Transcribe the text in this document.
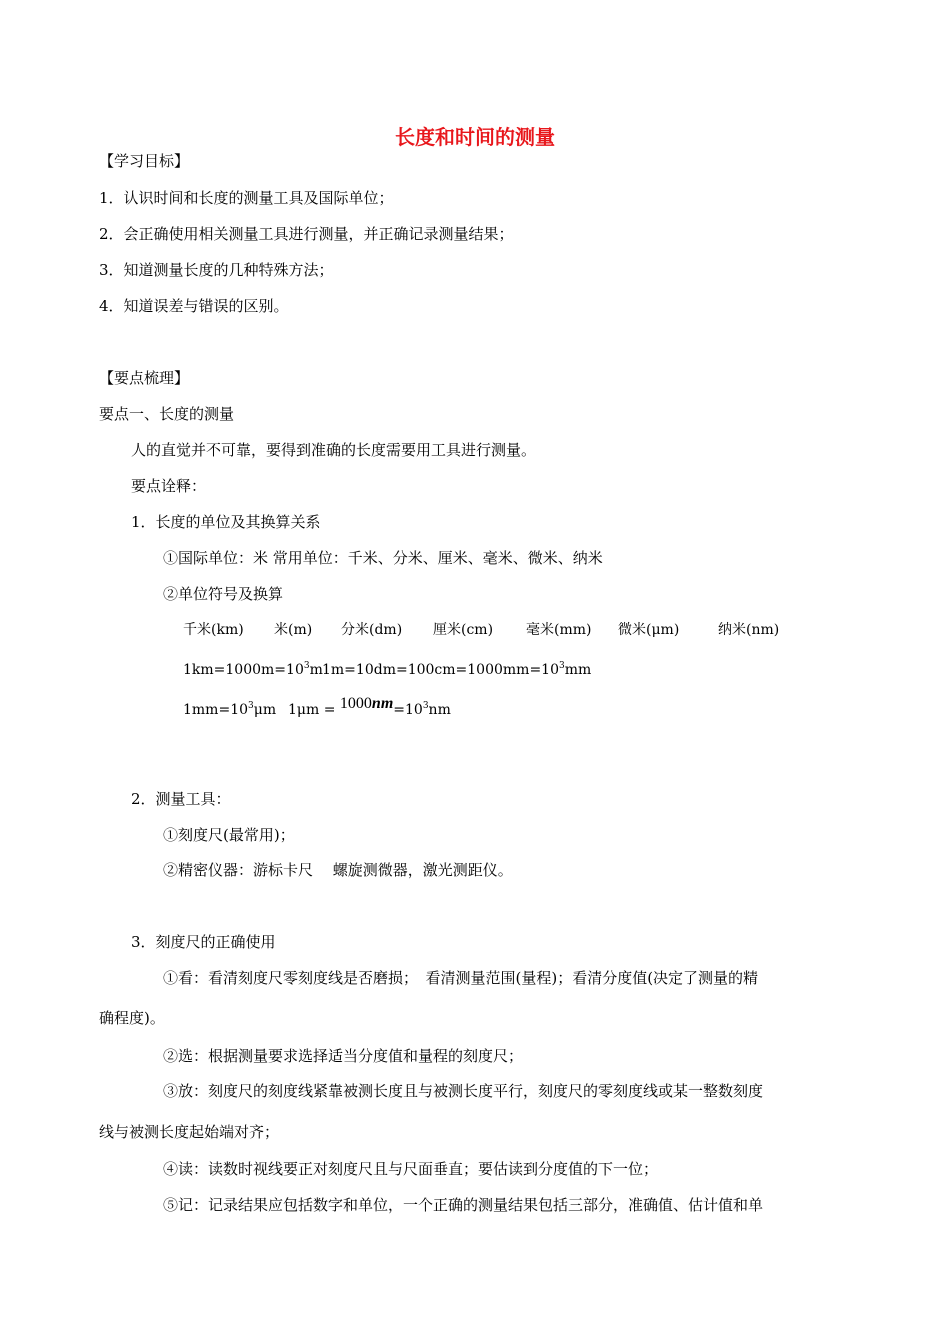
长度和时间的测量
【学习目标】
1．认识时间和长度的测量工具及国际单位；
2．会正确使用相关测量工具进行测量，并正确记录测量结果；
3．知道测量长度的几种特殊方法；
4．知道误差与错误的区别。
【要点梳理】
要点一、长度的测量
人的直觉并不可靠，要得到准确的长度需要用工具进行测量。
要点诠释：
1．长度的单位及其换算关系
①国际单位：米 常用单位：千米、分米、厘米、毫米、微米、纳米
②单位符号及换算
千米(km) 米(m) 分米(dm) 厘米(cm) 毫米(mm) 微米(μm)	纳米(nm)
$1km=1000m=10^3m$ $1m=10dm=100cm=1000mm=10^3mm$
$1mm=10^3\mu m$ $1\mu m = 1000nm=10^3nm$
2．测量工具：
①刻度尺(最常用)；
②精密仪器：游标卡尺　 螺旋测微器，激光测距仪。
3．刻度尺的正确使用
①看：看清刻度尺零刻度线是否磨损；　看清测量范围(量程)；看清分度值(决定了测量的精
确程度)。
②选：根据测量要求选择适当分度值和量程的刻度尺；
③放：刻度尺的刻度线紧靠被测长度且与被测长度平行，刻度尺的零刻度线或某一整数刻度
线与被测长度起始端对齐；
④读：读数时视线要正对刻度尺且与尺面垂直；要估读到分度值的下一位；
⑤记：记录结果应包括数字和单位，一个正确的测量结果包括三部分，准确值、估计值和单
